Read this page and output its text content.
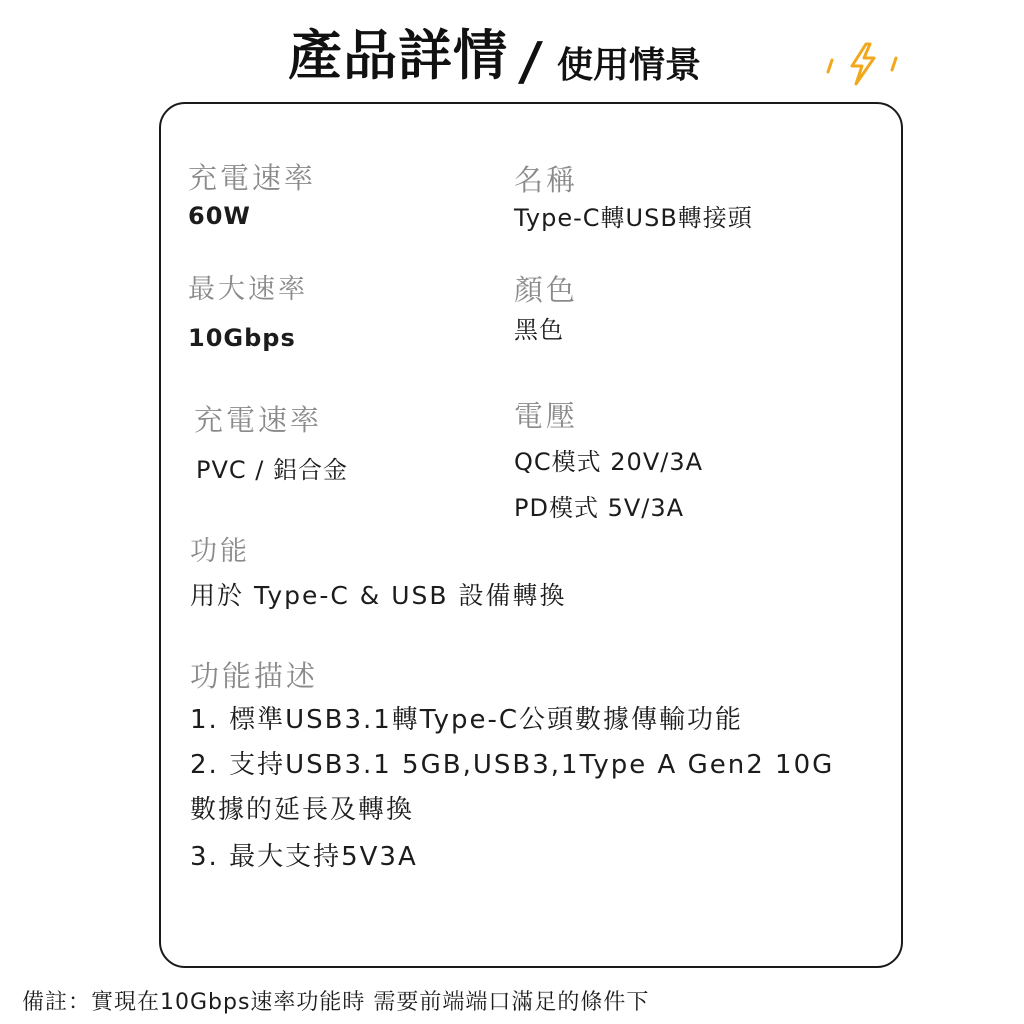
產品詳情 / 使用情景
充電速率
60W
最大速率
10Gbps
充電速率
PVC / 鋁合金
名稱
Type-C轉USB轉接頭
顏色
黑色
電壓
QC模式 20V/3A
PD模式 5V/3A
功能
用於 Type-C & USB 設備轉換
功能描述
1. 標準USB3.1轉Type-C公頭數據傳輸功能
2. 支持USB3.1 5GB,USB3,1Type A Gen2 10G
數據的延長及轉換
3. 最大支持5V3A
備註：實現在10Gbps速率功能時 需要前端端口滿足的條件下
